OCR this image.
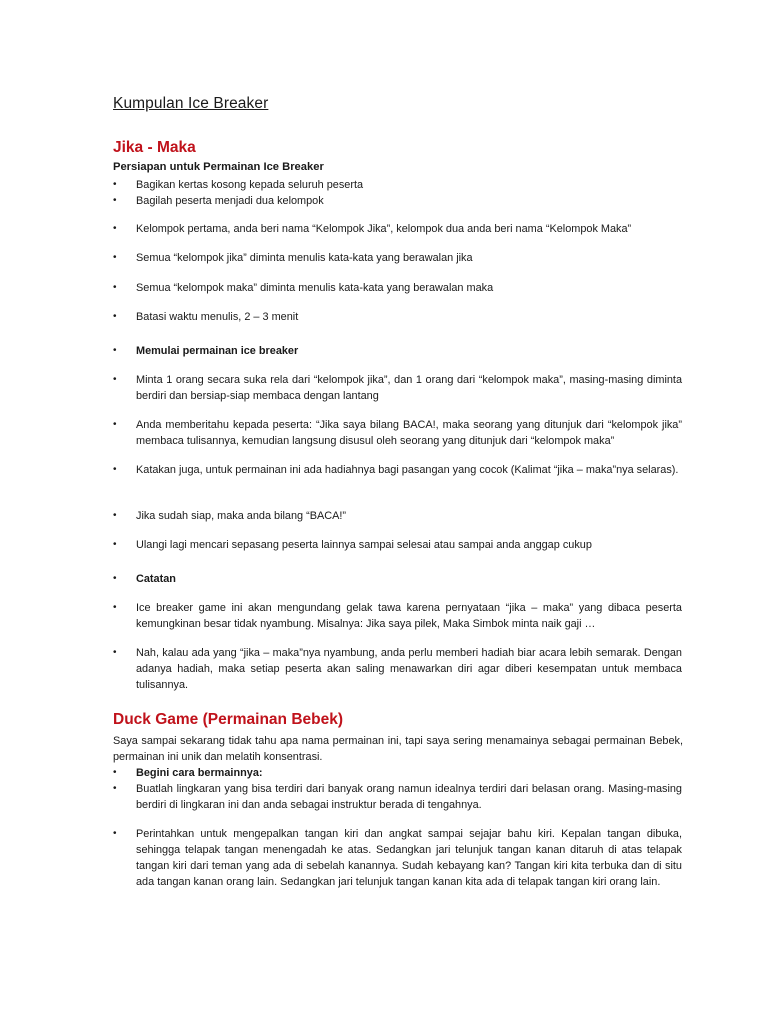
Kumpulan Ice Breaker
Jika - Maka
Persiapan untuk Permainan Ice Breaker
• Bagikan kertas kosong kepada seluruh peserta
• Bagilah peserta menjadi dua kelompok
• Kelompok pertama, anda beri nama “Kelompok Jika”, kelompok dua anda beri nama “Kelompok Maka”
• Semua “kelompok jika” diminta menulis kata-kata yang berawalan jika
• Semua “kelompok maka” diminta menulis kata-kata yang berawalan maka
• Batasi waktu menulis, 2 – 3 menit
• Memulai permainan ice breaker
• Minta 1 orang secara suka rela dari “kelompok jika”, dan 1 orang dari “kelompok maka”, masing-masing diminta berdiri dan bersiap-siap membaca dengan lantang
• Anda memberitahu kepada peserta: “Jika saya bilang BACA!, maka seorang yang ditunjuk dari “kelompok jika” membaca tulisannya, kemudian langsung disusul oleh seorang yang ditunjuk dari “kelompok maka”
• Katakan juga, untuk permainan ini ada hadiahnya bagi pasangan yang cocok (Kalimat “jika – maka”nya selaras).
• Jika sudah siap, maka anda bilang “BACA!”
• Ulangi lagi mencari sepasang peserta lainnya sampai selesai atau sampai anda anggap cukup
• Catatan
• Ice breaker game ini akan mengundang gelak tawa karena pernyataan “jika – maka” yang dibaca peserta kemungkinan besar tidak nyambung. Misalnya: Jika saya pilek, Maka Simbok minta naik gaji …
• Nah, kalau ada yang “jika – maka”nya nyambung, anda perlu memberi hadiah biar acara lebih semarak. Dengan adanya hadiah, maka setiap peserta akan saling menawarkan diri agar diberi kesempatan untuk membaca tulisannya.
Duck Game (Permainan Bebek)
Saya sampai sekarang tidak tahu apa nama permainan ini, tapi saya sering menamainya sebagai permainan Bebek, permainan ini unik dan melatih konsentrasi.
• Begini cara bermainnya:
• Buatlah lingkaran yang bisa terdiri dari banyak orang namun idealnya terdiri dari belasan orang. Masing-masing berdiri di lingkaran ini dan anda sebagai instruktur berada di tengahnya.
• Perintahkan untuk mengepalkan tangan kiri dan angkat sampai sejajar bahu kiri. Kepalan tangan dibuka, sehingga telapak tangan menengadah ke atas. Sedangkan jari telunjuk tangan kanan ditaruh di atas telapak tangan kiri dari teman yang ada di sebelah kanannya. Sudah kebayang kan? Tangan kiri kita terbuka dan di situ ada tangan kanan orang lain. Sedangkan jari telunjuk tangan kanan kita ada di telapak tangan kiri orang lain.
